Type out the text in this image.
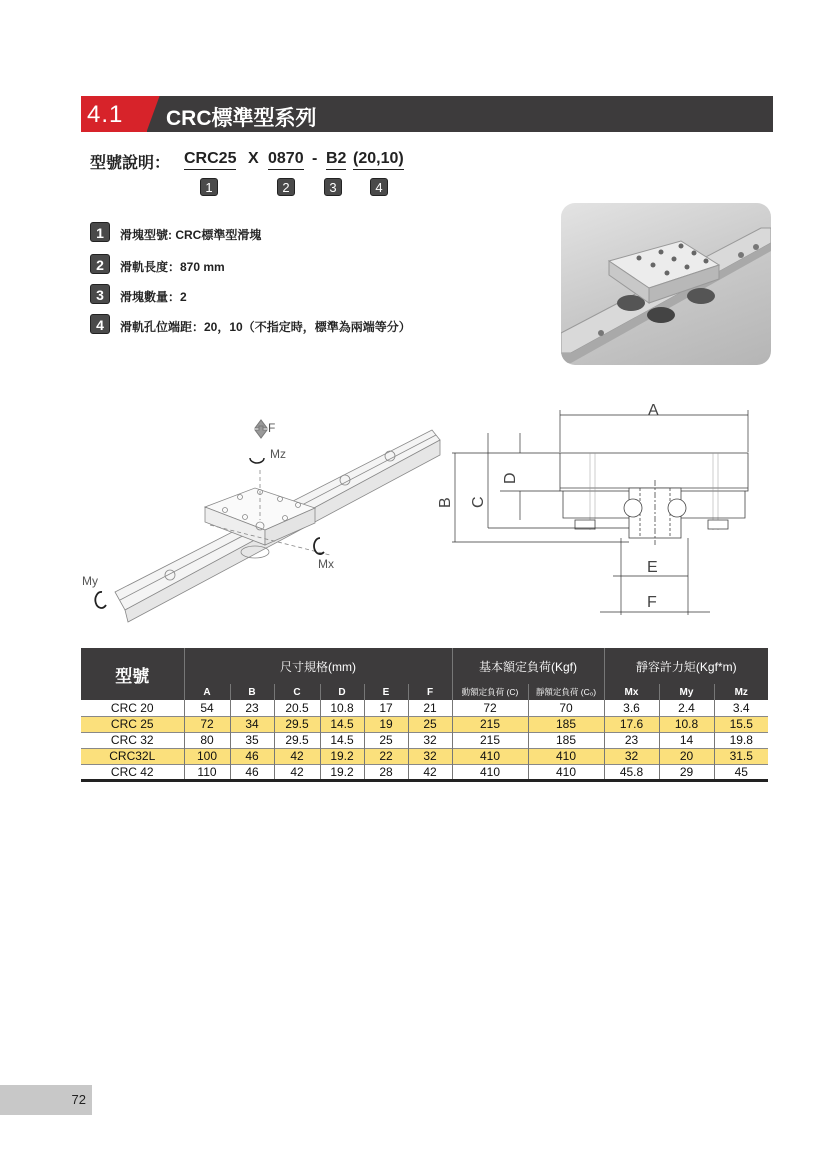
4.1 CRC標準型系列
型號說明： CRC25 X 0870 - B2 (20,10)
1	2	3	4
1	滑塊型號: CRC標準型滑塊
2	滑軌長度：870 mm
3	滑塊數量：2
4	滑軌孔位端距：20，10（不指定時，標準為兩端等分）
F
Mz
Mx
My
A
B C
D
E
F
型號	尺寸規格(mm)						基本額定負荷(Kgf)		靜容許力矩(Kgf*m)		
	A	B	C	D	E	F	動額定負荷 (C)	靜額定負荷 (C₀)	Mx	My	Mz
CRC 20	54	23	20.5	10.8	17	21	72	70	3.6	2.4	3.4
CRC 25	72	34	29.5	14.5	19	25	215	185	17.6	10.8	15.5
CRC 32	80	35	29.5	14.5	25	32	215	185	23	14	19.8
CRC32L	100	46	42	19.2	22	32	410	410	32	20	31.5
CRC 42	110	46	42	19.2	28	42	410	410	45.8	29	45
72
